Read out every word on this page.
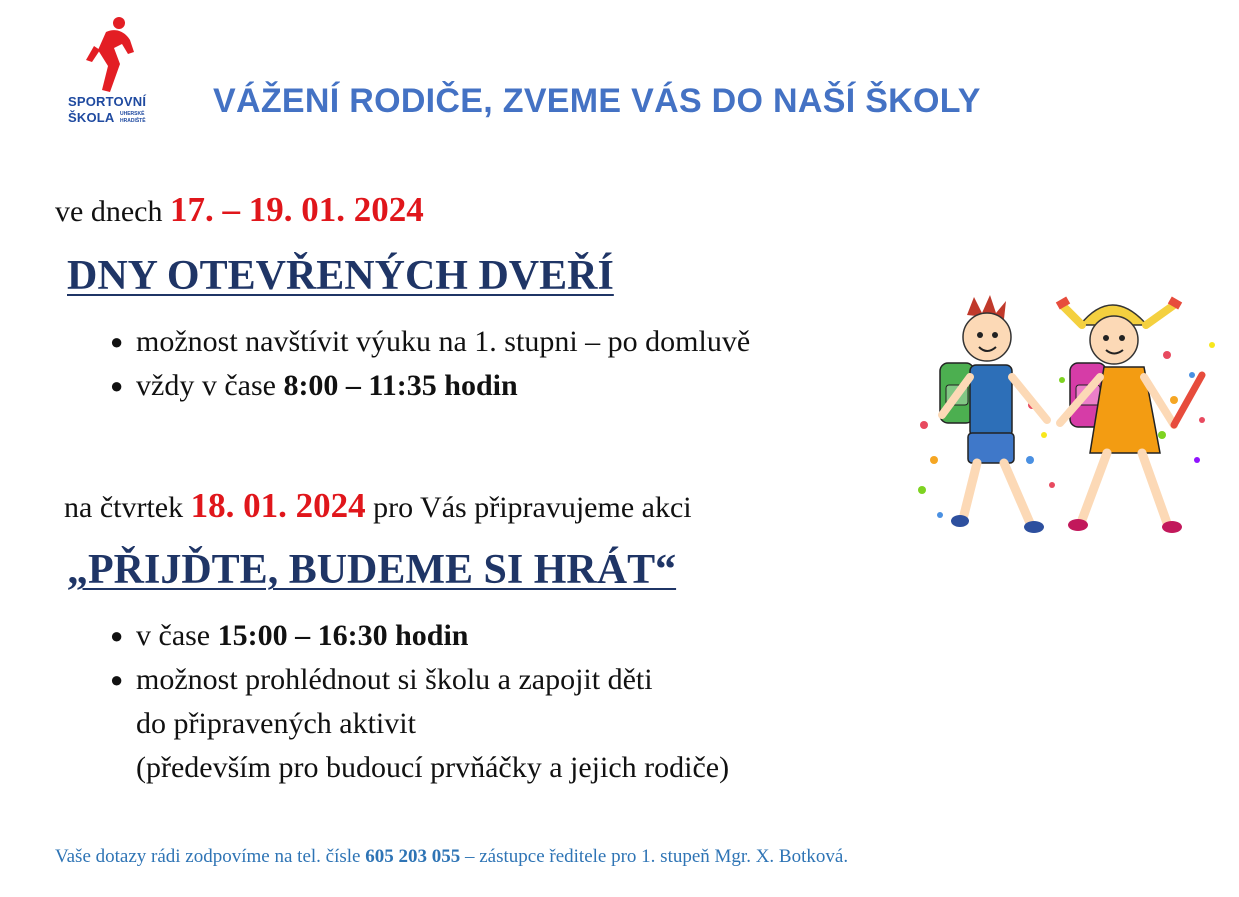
SPORTOVNÍ
ŠKOLA UHERSKÉ
HRADIŠTĚ
VÁŽENÍ RODIČE, ZVEME VÁS DO NAŠÍ ŠKOLY
ve dnech 17. – 19. 01. 2024
DNY OTEVŘENÝCH DVEŘÍ
● možnost navštívit výuku na 1. stupni – po domluvě
● vždy v čase 8:00 – 11:35 hodin
na čtvrtek 18. 01. 2024 pro Vás připravujeme akci
„PŘIJĎTE, BUDEME SI HRÁT“
● v čase 15:00 – 16:30 hodin
● možnost prohlédnout si školu a zapojit děti
do připravených aktivit
(především pro budoucí prvňáčky a jejich rodiče)
Vaše dotazy rádi zodpovíme na tel. čísle 605 203 055 – zástupce ředitele pro 1. stupeň Mgr. X. Botková.
